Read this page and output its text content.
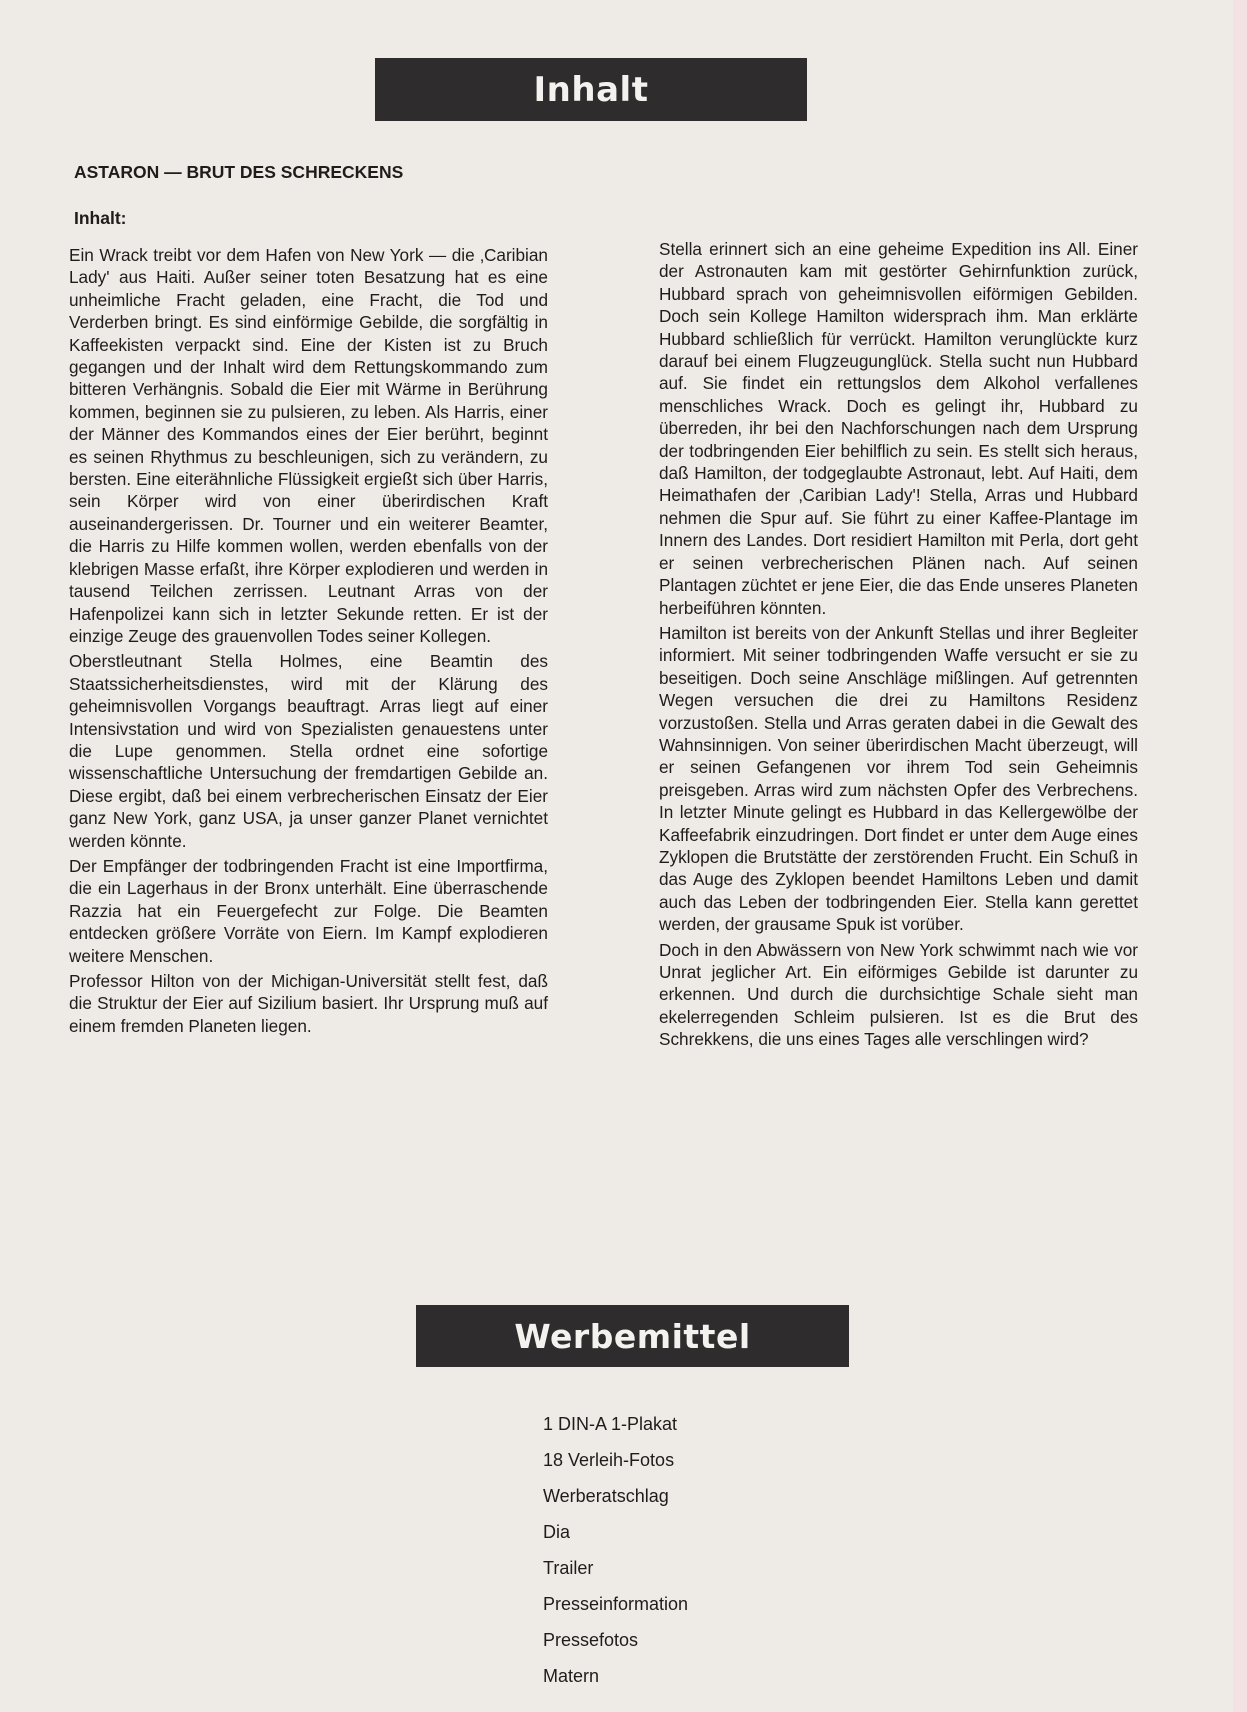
Inhalt
ASTARON — BRUT DES SCHRECKENS
Inhalt:

Ein Wrack treibt vor dem Hafen von New York — die ‚Caribian Lady' aus Haiti. Außer seiner toten Besatzung hat es eine unheimliche Fracht geladen, eine Fracht, die Tod und Verderben bringt. Es sind einförmige Gebilde, die sorgfältig in Kaffeekisten verpackt sind. Eine der Kisten ist zu Bruch gegangen und der Inhalt wird dem Rettungskommando zum bitteren Verhängnis. Sobald die Eier mit Wärme in Berührung kommen, beginnen sie zu pulsieren, zu leben. Als Harris, einer der Männer des Kommandos eines der Eier berührt, beginnt es seinen Rhythmus zu beschleunigen, sich zu verändern, zu bersten. Eine eiterähnliche Flüssigkeit ergießt sich über Harris, sein Körper wird von einer überirdischen Kraft auseinandergerissen. Dr. Tourner und ein weiterer Beamter, die Harris zu Hilfe kommen wollen, werden ebenfalls von der klebrigen Masse erfaßt, ihre Körper explodieren und werden in tausend Teilchen zerrissen. Leutnant Arras von der Hafenpolizei kann sich in letzter Sekunde retten. Er ist der einzige Zeuge des grauenvollen Todes seiner Kollegen.

Oberstleutnant Stella Holmes, eine Beamtin des Staatssicherheitsdienstes, wird mit der Klärung des geheimnisvollen Vorgangs beauftragt. Arras liegt auf einer Intensivstation und wird von Spezialisten genauestens unter die Lupe genommen. Stella ordnet eine sofortige wissenschaftliche Untersuchung der fremdartigen Gebilde an. Diese ergibt, daß bei einem verbrecherischen Einsatz der Eier ganz New York, ganz USA, ja unser ganzer Planet vernichtet werden könnte.

Der Empfänger der todbringenden Fracht ist eine Importfirma, die ein Lagerhaus in der Bronx unterhält. Eine überraschende Razzia hat ein Feuergefecht zur Folge. Die Beamten entdecken größere Vorräte von Eiern. Im Kampf explodieren weitere Menschen.

Professor Hilton von der Michigan-Universität stellt fest, daß die Struktur der Eier auf Sizilium basiert. Ihr Ursprung muß auf einem fremden Planeten liegen.

Stella erinnert sich an eine geheime Expedition ins All. Einer der Astronauten kam mit gestörter Gehirnfunktion zurück, Hubbard sprach von geheimnisvollen eiförmigen Gebilden. Doch sein Kollege Hamilton widersprach ihm. Man erklärte Hubbard schließlich für verrückt. Hamilton verunglückte kurz darauf bei einem Flugzeugunglück. Stella sucht nun Hubbard auf. Sie findet ein rettungslos dem Alkohol verfallenes menschliches Wrack. Doch es gelingt ihr, Hubbard zu überreden, ihr bei den Nachforschungen nach dem Ursprung der todbringenden Eier behilflich zu sein. Es stellt sich heraus, daß Hamilton, der todgeglaubte Astronaut, lebt. Auf Haiti, dem Heimathafen der ‚Caribian Lady'! Stella, Arras und Hubbard nehmen die Spur auf. Sie führt zu einer Kaffee-Plantage im Innern des Landes. Dort residiert Hamilton mit Perla, dort geht er seinen verbrecherischen Plänen nach. Auf seinen Plantagen züchtet er jene Eier, die das Ende unseres Planeten herbeiführen könnten.

Hamilton ist bereits von der Ankunft Stellas und ihrer Begleiter informiert. Mit seiner todbringenden Waffe versucht er sie zu beseitigen. Doch seine Anschläge mißlingen. Auf getrennten Wegen versuchen die drei zu Hamiltons Residenz vorzustoßen. Stella und Arras geraten dabei in die Gewalt des Wahnsinnigen. Von seiner überirdischen Macht überzeugt, will er seinen Gefangenen vor ihrem Tod sein Geheimnis preisgeben. Arras wird zum nächsten Opfer des Verbrechens. In letzter Minute gelingt es Hubbard in das Kellergewölbe der Kaffeefabrik einzudringen. Dort findet er unter dem Auge eines Zyklopen die Brutstätte der zerstörenden Frucht. Ein Schuß in das Auge des Zyklopen beendet Hamiltons Leben und damit auch das Leben der todbringenden Eier. Stella kann gerettet werden, der grausame Spuk ist vorüber.

Doch in den Abwässern von New York schwimmt nach wie vor Unrat jeglicher Art. Ein eiförmiges Gebilde ist darunter zu erkennen. Und durch die durchsichtige Schale sieht man ekelerregenden Schleim pulsieren. Ist es die Brut des Schrekkens, die uns eines Tages alle verschlingen wird?

Werbemittel
1 DIN-A 1-Plakat
18 Verleih-Fotos
Werberatschlag
Dia
Trailer
Presseinformation
Pressefotos
Matern
